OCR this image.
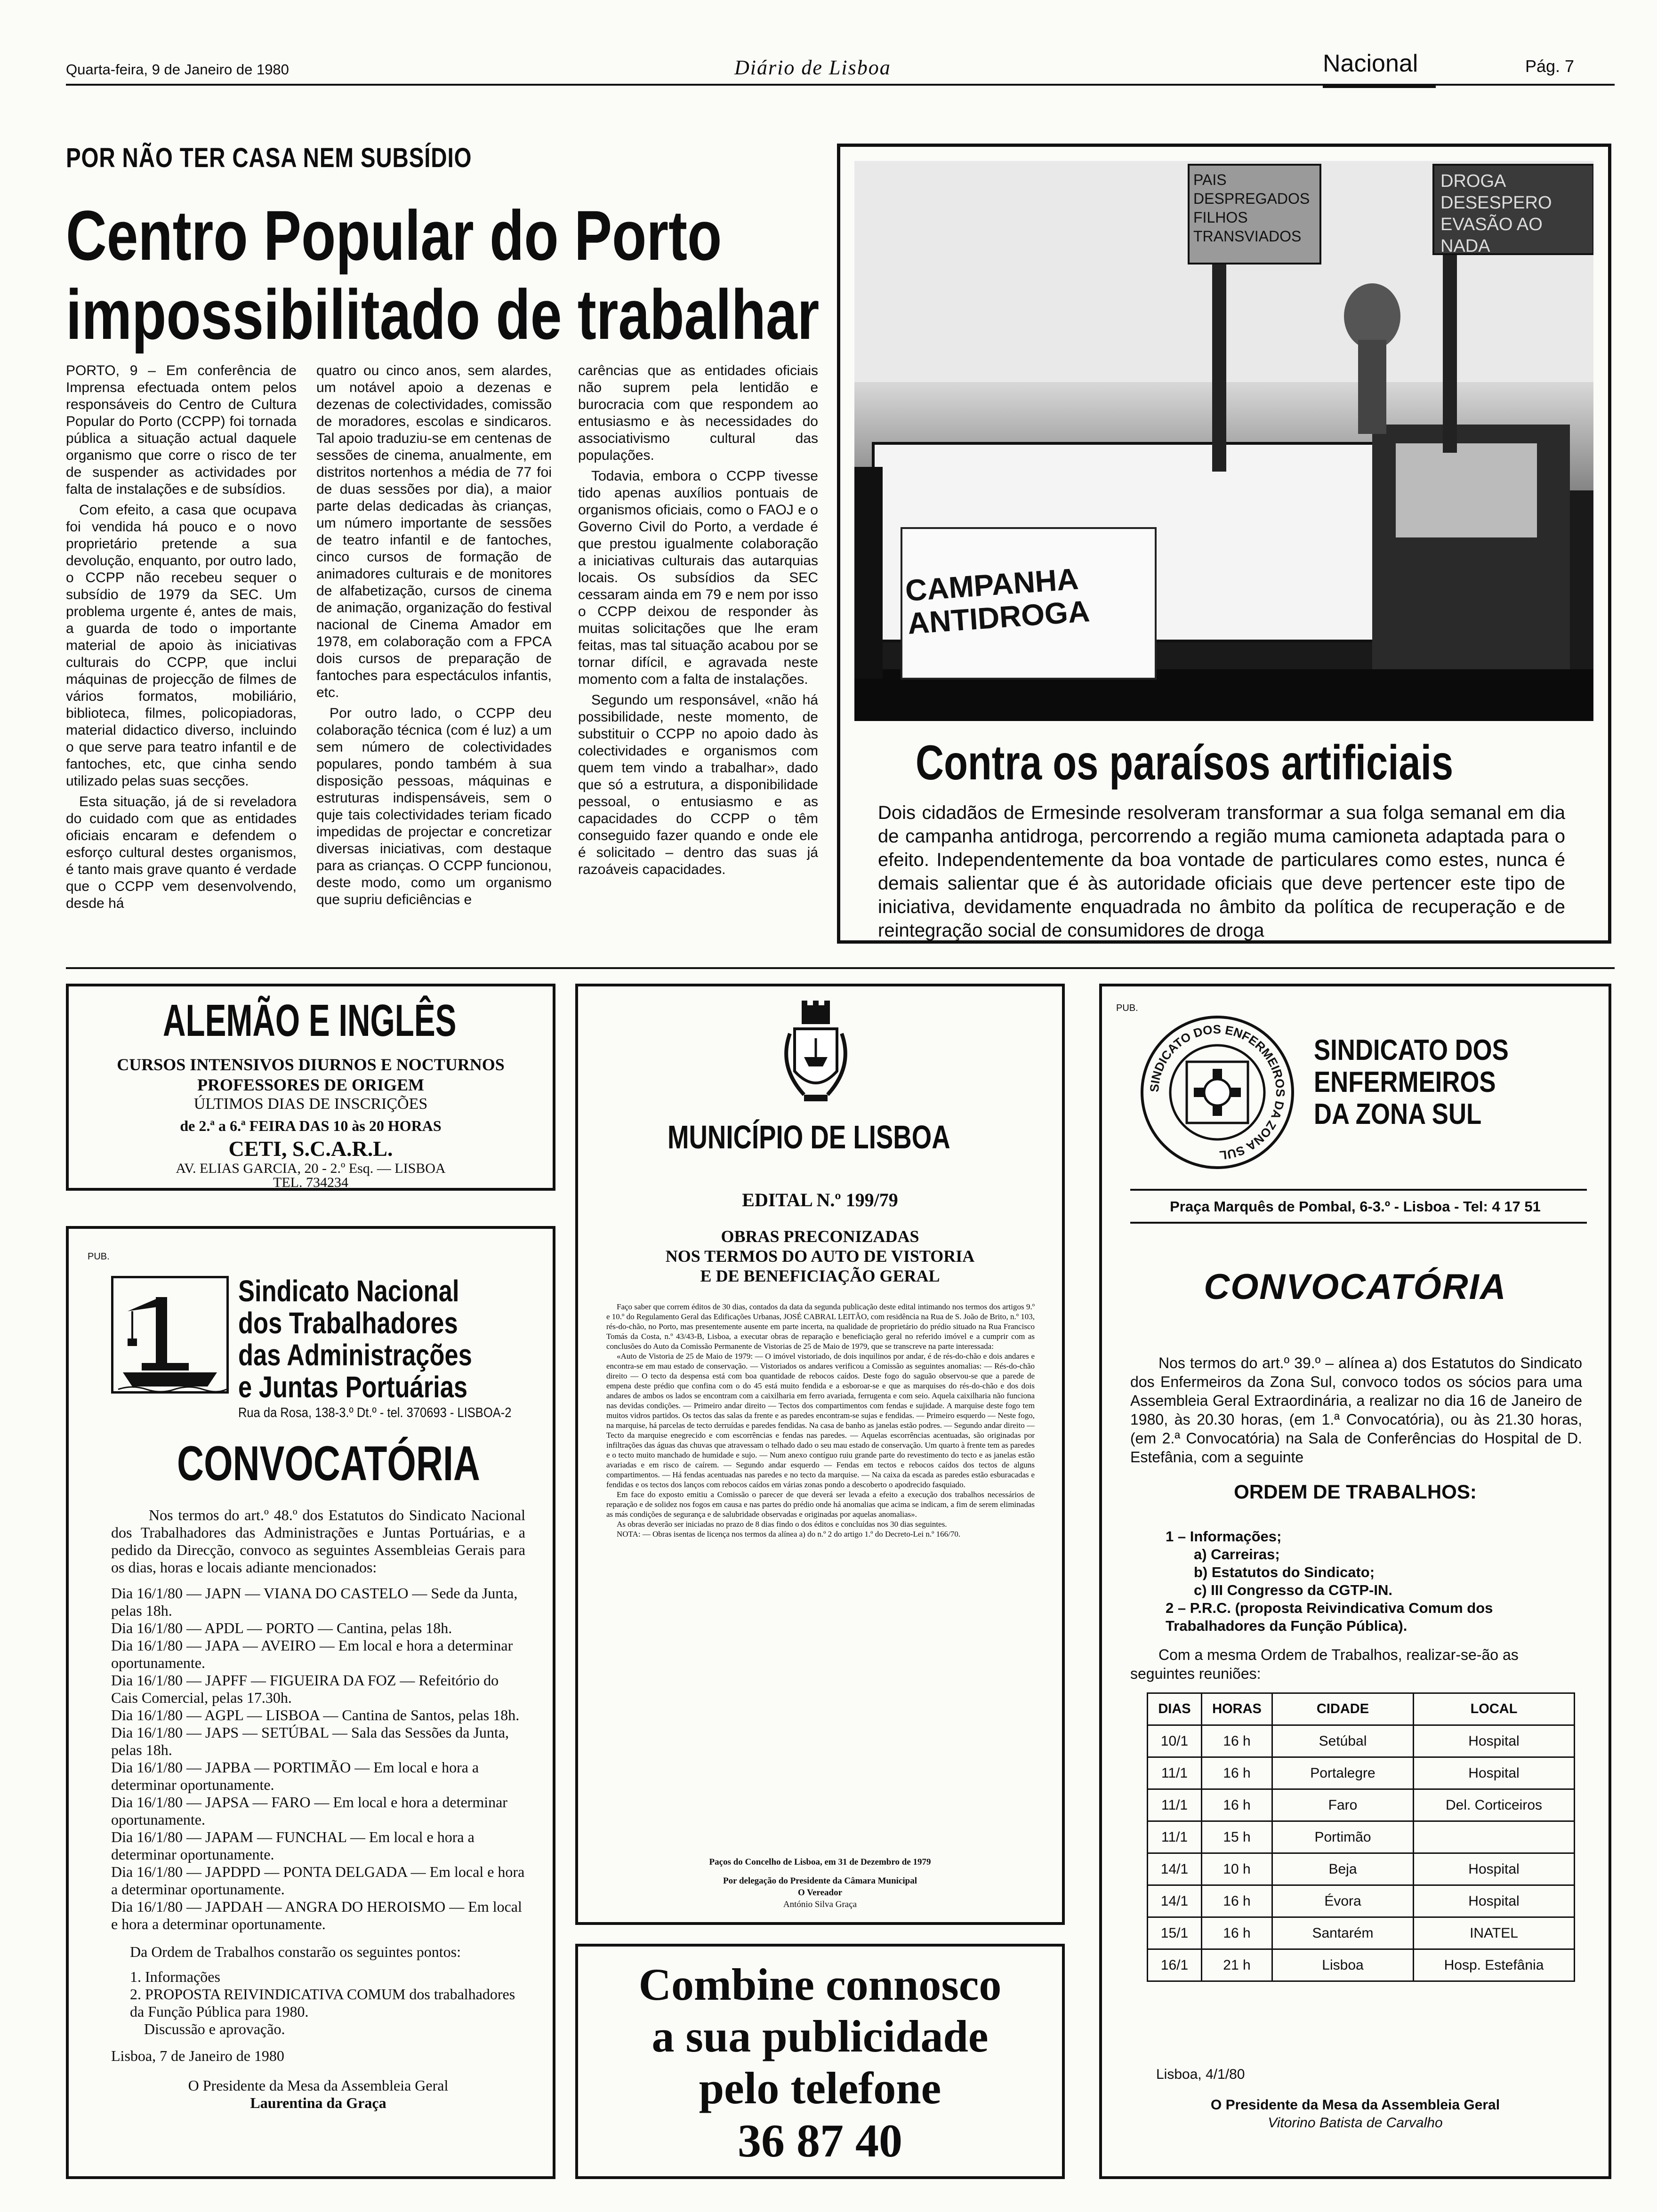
Quarta-feira, 9 de Janeiro de 1980	Diário de Lisboa	Nacional	Pág. 7
POR NÃO TER CASA NEM SUBSÍDIO
Centro Popular do Porto
impossibilitado de trabalhar

PORTO, 9 – Em conferência de Imprensa efectuada ontem pelos responsáveis do Centro de Cultura Popular do Porto (CCPP) foi tornada pública a situação actual daquele organismo que corre o risco de ter de suspender as actividades por falta de instalações e de subsídios.

Com efeito, a casa que ocupava foi vendida há pouco e o novo proprietário pretende a sua devolução, enquanto, por outro lado, o CCPP não recebeu sequer o subsídio de 1979 da SEC. Um problema urgente é, antes de mais, a guarda de todo o importante material de apoio às iniciativas culturais do CCPP, que inclui máquinas de projecção de filmes de vários formatos, mobiliário, biblioteca, filmes, policopiadoras, material didactico diverso, incluindo o que serve para teatro infantil e de fantoches, etc, que cinha sendo utilizado pelas suas secções.

Esta situação, já de si reveladora do cuidado com que as entidades oficiais encaram e defendem o esforço cultural destes organismos, é tanto mais grave quanto é verdade que o CCPP vem desenvolvendo, desde há

quatro ou cinco anos, sem alardes, um notável apoio a dezenas e dezenas de colectividades, comissão de moradores, escolas e sindicaros. Tal apoio traduziu-se em centenas de sessões de cinema, anualmente, em distritos nortenhos a média de 77 foi de duas sessões por dia), a maior parte delas dedicadas às crianças, um número importante de sessões de teatro infantil e de fantoches, cinco cursos de formação de animadores culturais e de monitores de alfabetização, cursos de cinema de animação, organização do festival nacional de Cinema Amador em 1978, em colaboração com a FPCA dois cursos de preparação de fantoches para espectáculos infantis, etc.

Por outro lado, o CCPP deu colaboração técnica (com é luz) a um sem número de colectividades populares, pondo também à sua disposição pessoas, máquinas e estruturas indispensáveis, sem o quje tais colectividades teriam ficado impedidas de projectar e concretizar diversas iniciativas, com destaque para as crianças. O CCPP funcionou, deste modo, como um organismo que supriu deficiências e

carências que as entidades oficiais não suprem pela lentidão e burocracia com que respondem ao entusiasmo e às necessidades do associativismo cultural das populações.

Todavia, embora o CCPP tivesse tido apenas auxílios pontuais de organismos oficiais, como o FAOJ e o Governo Civil do Porto, a verdade é que prestou igualmente colaboração a iniciativas culturais das autarquias locais. Os subsídios da SEC cessaram ainda em 79 e nem por isso o CCPP deixou de responder às muitas solicitações que lhe eram feitas, mas tal situação acabou por se tornar difícil, e agravada neste momento com a falta de instalações.

Segundo um responsável, «não há possibilidade, neste momento, de substituir o CCPP no apoio dado às colectividades e organismos com quem tem vindo a trabalhar», dado que só a estrutura, a disponibilidade pessoal, o entusiasmo e as capacidades do CCPP o têm conseguido fazer quando e onde ele é solicitado – dentro das suas já razoáveis capacidades.

PAIS DESPREGADOS FILHOS TRANSVIADOS
DROGA DESESPERO EVASÃO AO NADA
CAMPANHA ANTIDROGA
Contra os paraísos artificiais
Dois cidadãos de Ermesinde resolveram transformar a sua folga semanal em dia de campanha antidroga, percorrendo a região muma camioneta adaptada para o efeito. Independentemente da boa vontade de particulares como estes, nunca é demais salientar que é às autoridade oficiais que deve pertencer este tipo de iniciativa, devidamente enquadrada no âmbito da política de recuperação e de reintegração social de consumidores de droga
ALEMÃO E INGLÊS
CURSOS INTENSIVOS DIURNOS E NOCTURNOS
PROFESSORES DE ORIGEM
ÚLTIMOS DIAS DE INSCRIÇÕES
de 2.ª a 6.ª FEIRA DAS 10 às 20 HORAS
CETI, S.C.A.R.L.
AV. ELIAS GARCIA, 20 - 2.º Esq. — LISBOA
TEL. 734234
PUB.
Sindicato Nacional
dos Trabalhadores
das Administrações
e Juntas Portuárias
Rua da Rosa, 138-3.º Dt.º - tel. 370693 - LISBOA-2
CONVOCATÓRIA
Nos termos do art.º 48.º dos Estatutos do Sindicato Nacional dos Trabalhadores das Administrações e Juntas Portuárias, e a pedido da Direcção, convoco as seguintes Assembleias Gerais para os dias, horas e locais adiante mencionados:
Dia 16/1/80 — JAPN — VIANA DO CASTELO — Sede da Junta, pelas 18h.
Dia 16/1/80 — APDL — PORTO — Cantina, pelas 18h.
Dia 16/1/80 — JAPA — AVEIRO — Em local e hora a determinar oportunamente.
Dia 16/1/80 — JAPFF — FIGUEIRA DA FOZ — Refeitório do Cais Comercial, pelas 17.30h.
Dia 16/1/80 — AGPL — LISBOA — Cantina de Santos, pelas 18h.
Dia 16/1/80 — JAPS — SETÚBAL — Sala das Sessões da Junta, pelas 18h.
Dia 16/1/80 — JAPBA — PORTIMÃO — Em local e hora a determinar oportunamente.
Dia 16/1/80 — JAPSA — FARO — Em local e hora a determinar oportunamente.
Dia 16/1/80 — JAPAM — FUNCHAL — Em local e hora a determinar oportunamente.
Dia 16/1/80 — JAPDPD — PONTA DELGADA — Em local e hora a determinar oportunamente.
Dia 16/1/80 — JAPDAH — ANGRA DO HEROISMO — Em local e hora a determinar oportunamente.
Da Ordem de Trabalhos constarão os seguintes pontos:
1. Informações
2. PROPOSTA REIVINDICATIVA COMUM dos trabalhadores da Função Pública para 1980.
Discussão e aprovação.
Lisboa, 7 de Janeiro de 1980
O Presidente da Mesa da Assembleia Geral
Laurentina da Graça
MUNICÍPIO DE LISBOA
EDITAL N.º 199/79
OBRAS PRECONIZADAS
NOS TERMOS DO AUTO DE VISTORIA
E DE BENEFICIAÇÃO GERAL

Faço saber que correm éditos de 30 dias, contados da data da segunda publicação deste edital intimando nos termos dos artigos 9.º e 10.º do Regulamento Geral das Edificações Urbanas, JOSÉ CABRAL LEITÃO, com residência na Rua de S. João de Brito, n.º 103, rés-do-chão, no Porto, mas presentemente ausente em parte incerta, na qualidade de proprietário do prédio situado na Rua Francisco Tomás da Costa, n.º 43/43-B, Lisboa, a executar obras de reparação e beneficiação geral no referido imóvel e a cumprir com as conclusões do Auto da Comissão Permanente de Vistorias de 25 de Maio de 1979, que se transcreve na parte interessada:

«Auto de Vistoria de 25 de Maio de 1979: — O imóvel vistoriado, de dois inquilinos por andar, é de rés-do-chão e dois andares e encontra-se em mau estado de conservação. — Vistoriados os andares verificou a Comissão as seguintes anomalias: — Rés-do-chão direito — O tecto da despensa está com boa quantidade de rebocos caídos. Deste fogo do saguão observou-se que a parede de empena deste prédio que confina com o do 45 está muito fendida e a esboroar-se e que as marquises do rés-do-chão e dos dois andares de ambos os lados se encontram com a caixilharia em ferro avariada, ferrugenta e com seio. Aquela caixilharia não funciona nas devidas condições. — Primeiro andar direito — Tectos dos compartimentos com fendas e sujidade. A marquise deste fogo tem muitos vidros partidos. Os tectos das salas da frente e as paredes encontram-se sujas e fendidas. — Primeiro esquerdo — Neste fogo, na marquise, há parcelas de tecto derruídas e paredes fendidas. Na casa de banho as janelas estão podres. — Segundo andar direito — Tecto da marquise enegrecido e com escorrências e fendas nas paredes. — Aquelas escorrências acentuadas, são originadas por infiltrações das águas das chuvas que atravessam o telhado dado o seu mau estado de conservação. Um quarto à frente tem as paredes e o tecto muito manchado de humidade e sujo. — Num anexo contíguo ruiu grande parte do revestimento do tecto e as janelas estão avariadas e em risco de caírem. — Segundo andar esquerdo — Fendas em tectos e rebocos caídos dos tectos de alguns compartimentos. — Há fendas acentuadas nas paredes e no tecto da marquise. — Na caixa da escada as paredes estão esburacadas e fendidas e os tectos dos lanços com rebocos caídos em várias zonas pondo a descoberto o apodrecido fasquiado.

Em face do exposto emitiu a Comissão o parecer de que deverá ser levada a efeito a execução dos trabalhos necessários de reparação e de solidez nos fogos em causa e nas partes do prédio onde há anomalias que acima se indicam, a fim de serem eliminadas as más condições de segurança e de salubridade observadas e originadas por aquelas anomalias».

As obras deverão ser iniciadas no prazo de 8 dias findo o dos éditos e concluídas nos 30 dias seguintes.

NOTA: — Obras isentas de licença nos termos da alínea a) do n.º 2 do artigo 1.º do Decreto-Lei n.º 166/70.

Paços do Concelho de Lisboa, em 31 de Dezembro de 1979
Por delegação do Presidente da Câmara Municipal
O Vereador
António Silva Graça
Combine connosco
a sua publicidade
pelo telefone
36 87 40
PUB.
SINDICATO DOS ENFERMEIROS DA ZONA SUL
SINDICATO DOS
ENFERMEIROS
DA ZONA SUL
Praça Marquês de Pombal, 6-3.º - Lisboa - Tel: 4 17 51
CONVOCATÓRIA
Nos termos do art.º 39.º – alínea a) dos Estatutos do Sindicato dos Enfermeiros da Zona Sul, convoco todos os sócios para uma Assembleia Geral Extraordinária, a realizar no dia 16 de Janeiro de 1980, às 20.30 horas, (em 1.ª Convocatória), ou às 21.30 horas, (em 2.ª Convocatória) na Sala de Conferências do Hospital de D. Estefânia, com a seguinte
ORDEM DE TRABALHOS:
1 – Informações;
a) Carreiras;
b) Estatutos do Sindicato;
c) III Congresso da CGTP-IN.
2 – P.R.C. (proposta Reivindicativa Comum dos Trabalhadores da Função Pública).
Com a mesma Ordem de Trabalhos, realizar-se-ão as seguintes reuniões:
DIAS	HORAS	CIDADE	LOCAL
10/1	16 h	Setúbal	Hospital
11/1	16 h	Portalegre	Hospital
11/1	16 h	Faro	Del. Corticeiros
11/1	15 h	Portimão	
14/1	10 h	Beja	Hospital
14/1	16 h	Évora	Hospital
15/1	16 h	Santarém	INATEL
16/1	21 h	Lisboa	Hosp. Estefânia
Lisboa, 4/1/80
O Presidente da Mesa da Assembleia Geral
Vitorino Batista de Carvalho
